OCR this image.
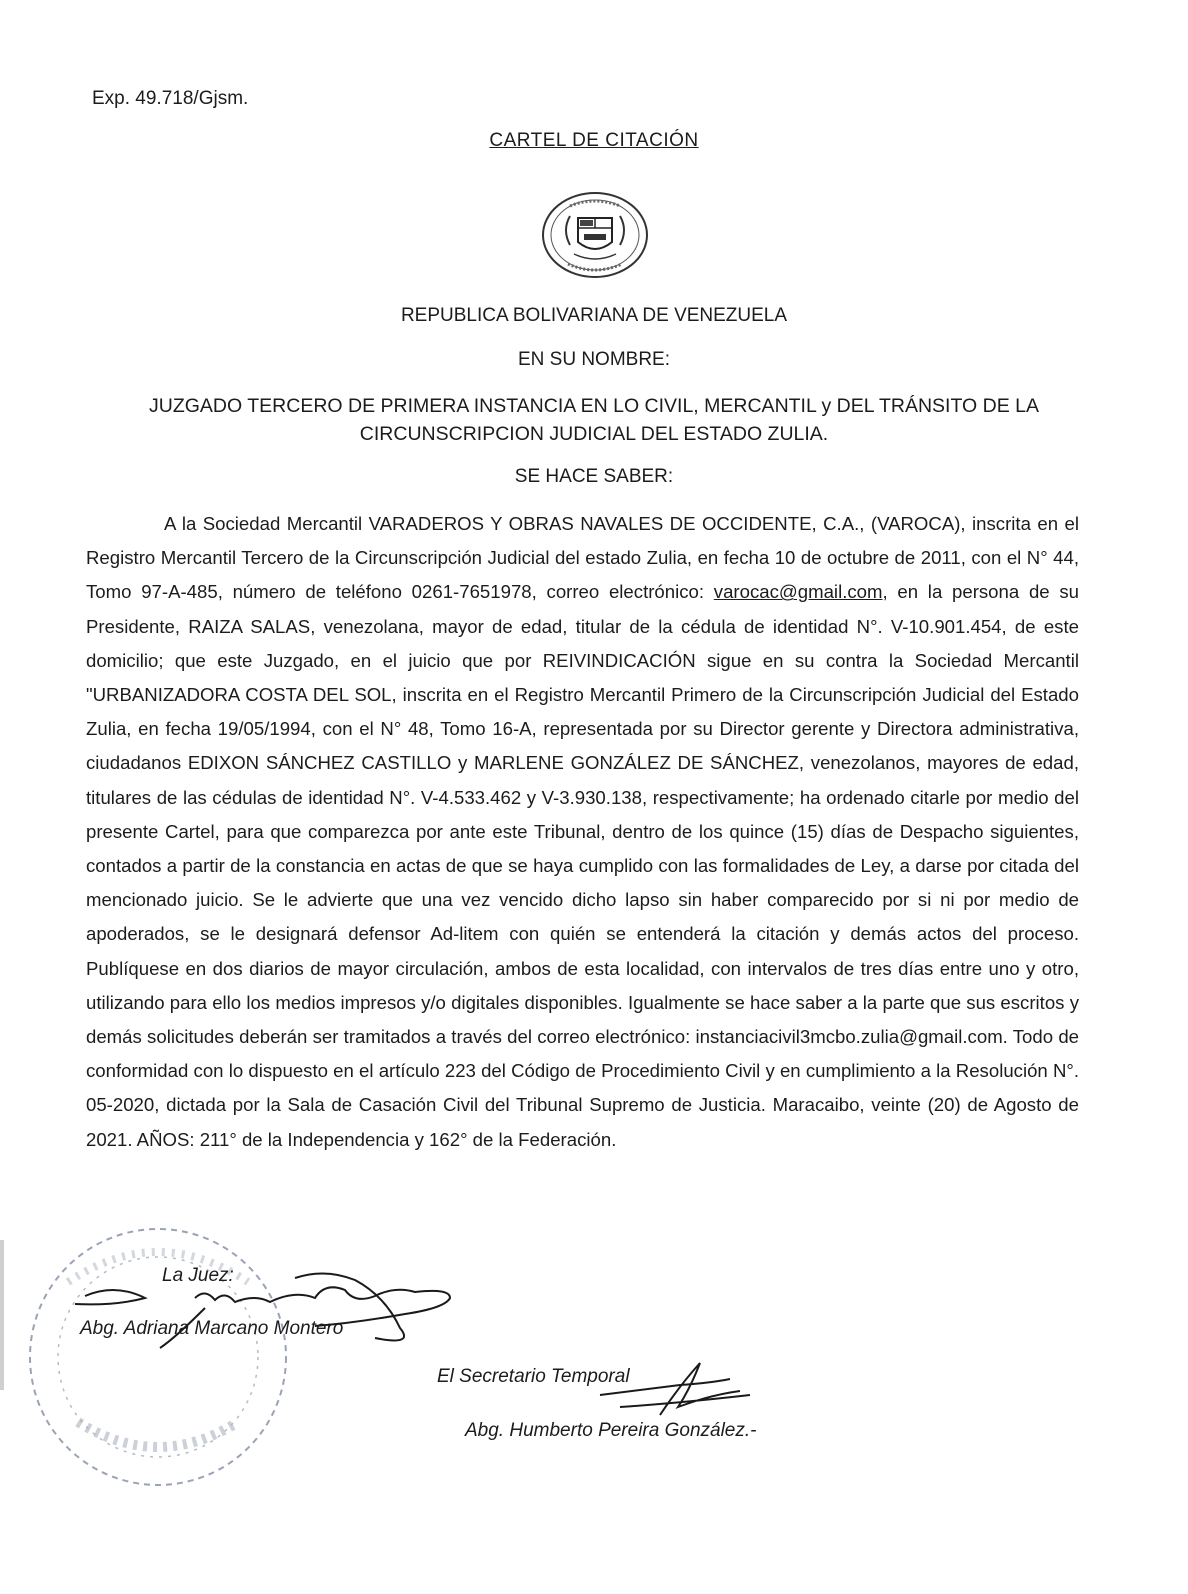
Exp. 49.718/Gjsm.
CARTEL DE CITACIÓN
REPUBLICA BOLIVARIANA DE VENEZUELA
EN SU NOMBRE:
JUZGADO TERCERO DE PRIMERA INSTANCIA EN LO CIVIL, MERCANTIL y DEL TRÁNSITO DE LA
CIRCUNSCRIPCION JUDICIAL DEL ESTADO ZULIA.
SE HACE SABER:
A la Sociedad Mercantil VARADEROS Y OBRAS NAVALES DE OCCIDENTE, C.A., (VAROCA), inscrita en el Registro Mercantil Tercero de la Circunscripción Judicial del estado Zulia, en fecha 10 de octubre de 2011, con el N° 44, Tomo 97-A-485, número de teléfono 0261-7651978, correo electrónico: varocac@gmail.com, en la persona de su Presidente, RAIZA SALAS, venezolana, mayor de edad, titular de la cédula de identidad N°. V-10.901.454, de este domicilio; que este Juzgado, en el juicio que por REIVINDICACIÓN sigue en su contra la Sociedad Mercantil "URBANIZADORA COSTA DEL SOL, inscrita en el Registro Mercantil Primero de la Circunscripción Judicial del Estado Zulia, en fecha 19/05/1994, con el N° 48, Tomo 16-A, representada por su Director gerente y Directora administrativa, ciudadanos EDIXON SÁNCHEZ CASTILLO y MARLENE GONZÁLEZ DE SÁNCHEZ, venezolanos, mayores de edad, titulares de las cédulas de identidad N°. V-4.533.462 y V-3.930.138, respectivamente; ha ordenado citarle por medio del presente Cartel, para que comparezca por ante este Tribunal, dentro de los quince (15) días de Despacho siguientes, contados a partir de la constancia en actas de que se haya cumplido con las formalidades de Ley, a darse por citada del mencionado juicio. Se le advierte que una vez vencido dicho lapso sin haber comparecido por si ni por medio de apoderados, se le designará defensor Ad-litem con quién se entenderá la citación y demás actos del proceso. Publíquese en dos diarios de mayor circulación, ambos de esta localidad, con intervalos de tres días entre uno y otro, utilizando para ello los medios impresos y/o digitales disponibles. Igualmente se hace saber a la parte que sus escritos y demás solicitudes deberán ser tramitados a través del correo electrónico: instanciacivil3mcbo.zulia@gmail.com. Todo de conformidad con lo dispuesto en el artículo 223 del Código de Procedimiento Civil y en cumplimiento a la Resolución N°. 05-2020, dictada por la Sala de Casación Civil del Tribunal Supremo de Justicia. Maracaibo, veinte (20) de Agosto de 2021. AÑOS: 211° de la Independencia y 162° de la Federación.
La Juez:
Abg. Adriana Marcano Montero
El Secretario Temporal
Abg. Humberto Pereira González.-
